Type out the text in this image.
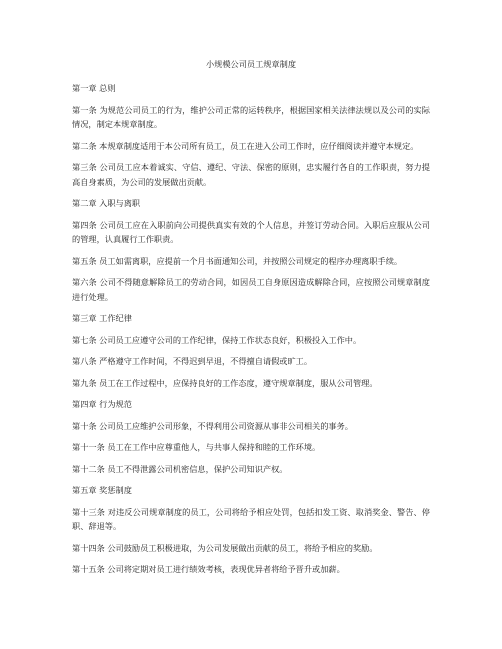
小规模公司员工规章制度
第一章 总则
第一条 为规范公司员工的行为，维护公司正常的运转秩序，根据国家相关法律法规以及公司的实际情况，制定本规章制度。
第二条 本规章制度适用于本公司所有员工，员工在进入公司工作时，应仔细阅读并遵守本规定。
第三条 公司员工应本着诚实、守信、遵纪、守法、保密的原则，忠实履行各自的工作职责，努力提高自身素质，为公司的发展做出贡献。
第二章 入职与离职
第四条 公司员工应在入职前向公司提供真实有效的个人信息，并签订劳动合同。入职后应服从公司的管理，认真履行工作职责。
第五条 员工如需离职，应提前一个月书面通知公司，并按照公司规定的程序办理离职手续。
第六条 公司不得随意解除员工的劳动合同，如因员工自身原因造成解除合同，应按照公司规章制度进行处理。
第三章 工作纪律
第七条 公司员工应遵守公司的工作纪律，保持工作状态良好，积极投入工作中。
第八条 严格遵守工作时间，不得迟到早退，不得擅自请假或旷工。
第九条 员工在工作过程中，应保持良好的工作态度，遵守规章制度，服从公司管理。
第四章 行为规范
第十条 公司员工应维护公司形象，不得利用公司资源从事非公司相关的事务。
第十一条 员工在工作中应尊重他人，与共事人保持和睦的工作环境。
第十二条 员工不得泄露公司机密信息，保护公司知识产权。
第五章 奖惩制度
第十三条 对违反公司规章制度的员工，公司将给予相应处罚，包括扣发工资、取消奖金、警告、停职、辞退等。
第十四条 公司鼓励员工积极进取，为公司发展做出贡献的员工，将给予相应的奖励。
第十五条 公司将定期对员工进行绩效考核，表现优异者将给予晋升或加薪。
